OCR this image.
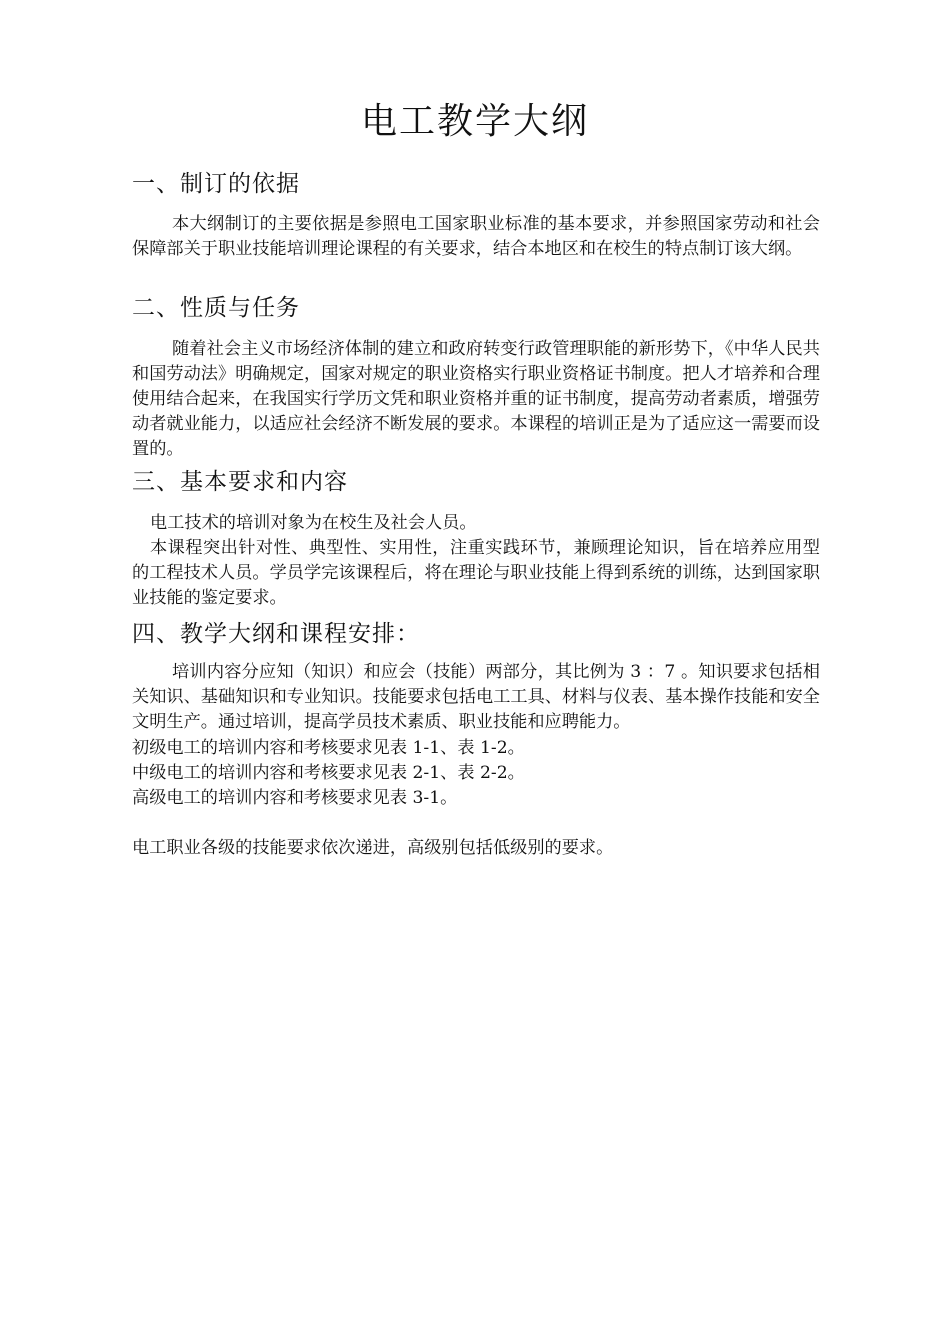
电工教学大纲
一、制订的依据

本大纲制订的主要依据是参照电工国家职业标准的基本要求，并参照国家劳动和社会保障部关于职业技能培训理论课程的有关要求，结合本地区和在校生的特点制订该大纲。

二、性质与任务

随着社会主义市场经济体制的建立和政府转变行政管理职能的新形势下，《中华人民共和国劳动法》明确规定，国家对规定的职业资格实行职业资格证书制度。把人才培养和合理使用结合起来，在我国实行学历文凭和职业资格并重的证书制度，提高劳动者素质，增强劳动者就业能力，以适应社会经济不断发展的要求。本课程的培训正是为了适应这一需要而设置的。

三、基本要求和内容

电工技术的培训对象为在校生及社会人员。

本课程突出针对性、典型性、实用性，注重实践环节，兼顾理论知识，旨在培养应用型的工程技术人员。学员学完该课程后，将在理论与职业技能上得到系统的训练，达到国家职业技能的鉴定要求。

四、教学大纲和课程安排：

培训内容分应知（知识）和应会（技能）两部分，其比例为 3 ：7 。知识要求包括相关知识、基础知识和专业知识。技能要求包括电工工具、材料与仪表、基本操作技能和安全文明生产。通过培训，提高学员技术素质、职业技能和应聘能力。

初级电工的培训内容和考核要求见表 1-1、表 1-2。

中级电工的培训内容和考核要求见表 2-1、表 2-2。

高级电工的培训内容和考核要求见表 3-1。

电工职业各级的技能要求依次递进，高级别包括低级别的要求。
